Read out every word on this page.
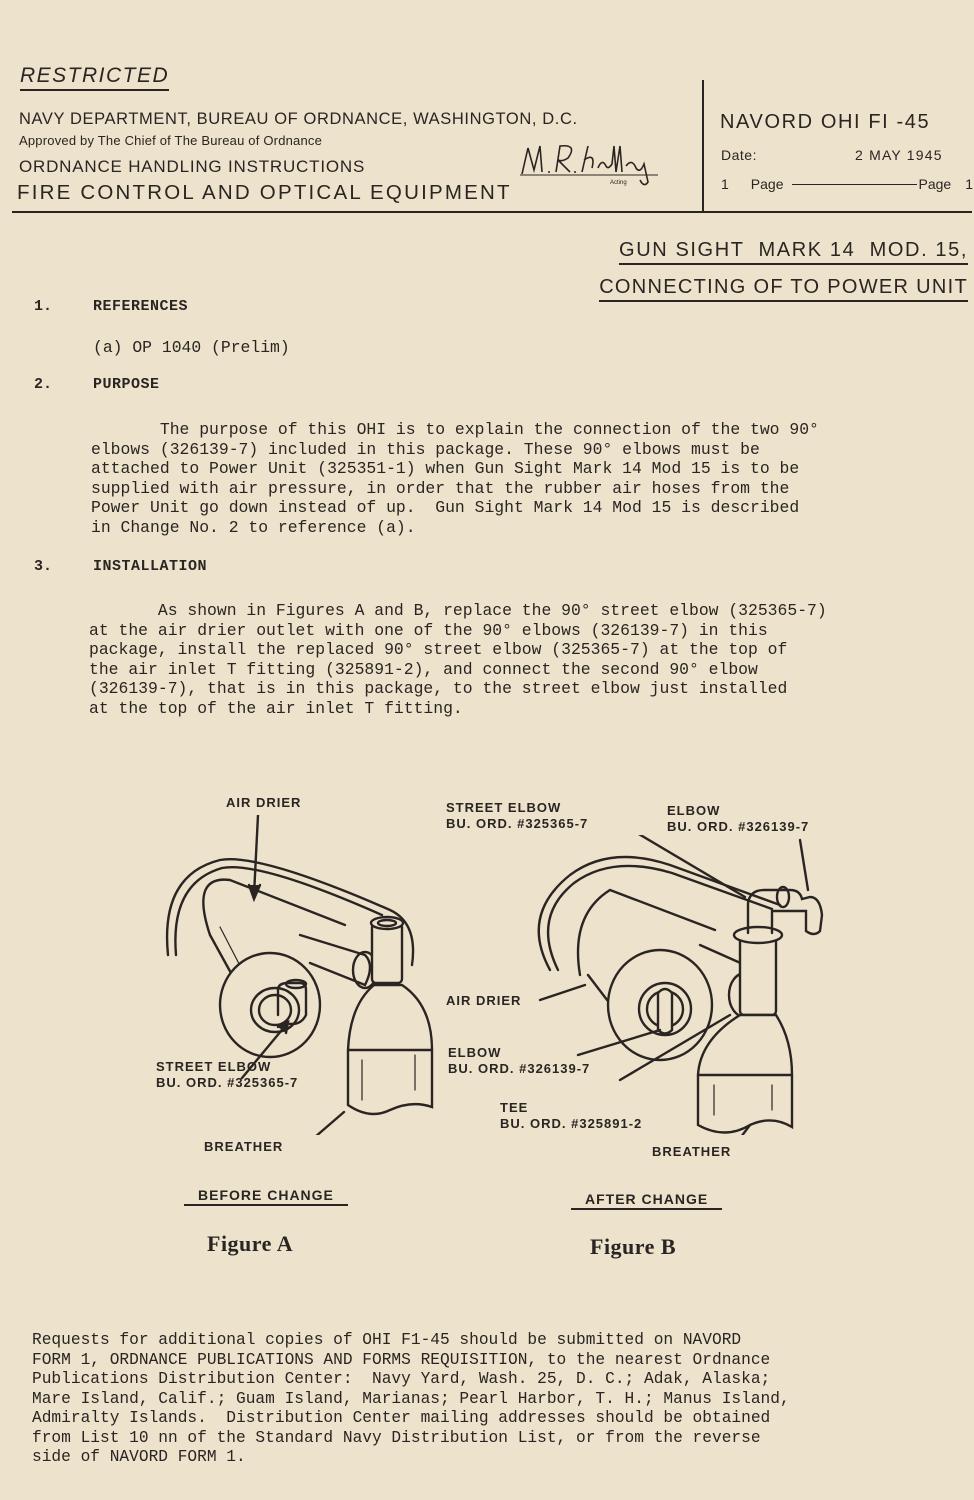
RESTRICTED
NAVY DEPARTMENT, BUREAU OF ORDNANCE, WASHINGTON, D.C.
Approved by The Chief of The Bureau of Ordnance
ORDNANCE HANDLING INSTRUCTIONS
FIRE CONTROL AND OPTICAL EQUIPMENT	Acting
NAVORD OHI FI -45
Date:	2 MAY 1945
1 Page	Page 1
GUN SIGHT  MARK 14  MOD. 15,
CONNECTING OF TO POWER UNIT
1.	REFERENCES
(a) OP 1040 (Prelim)
2.	PURPOSE
The purpose of this OHI is to explain the connection of the two 90°
elbows (326139-7) included in this package. These 90° elbows must be
attached to Power Unit (325351-1) when Gun Sight Mark 14 Mod 15 is to be
supplied with air pressure, in order that the rubber air hoses from the
Power Unit go down instead of up.  Gun Sight Mark 14 Mod 15 is described
in Change No. 2 to reference (a).
3.	INSTALLATION
As shown in Figures A and B, replace the 90° street elbow (325365-7)
at the air drier outlet with one of the 90° elbows (326139-7) in this
package, install the replaced 90° street elbow (325365-7) at the top of
the air inlet T fitting (325891-2), and connect the second 90° elbow
(326139-7), that is in this package, to the street elbow just installed
at the top of the air inlet T fitting.
AIR DRIER
STREET ELBOW
BU. ORD. #325365-7
BREATHER
BEFORE CHANGE
Figure A
STREET ELBOW
BU. ORD. #325365-7
ELBOW
BU. ORD. #326139-7
AIR DRIER
ELBOW
BU. ORD. #326139-7
TEE
BU. ORD. #325891-2
BREATHER
AFTER CHANGE
Figure B
Requests for additional copies of OHI F1-45 should be submitted on NAVORD
FORM 1, ORDNANCE PUBLICATIONS AND FORMS REQUISITION, to the nearest Ordnance
Publications Distribution Center:  Navy Yard, Wash. 25, D. C.; Adak, Alaska;
Mare Island, Calif.; Guam Island, Marianas; Pearl Harbor, T. H.; Manus Island,
Admiralty Islands.  Distribution Center mailing addresses should be obtained
from List 10 nn of the Standard Navy Distribution List, or from the reverse
side of NAVORD FORM 1.
